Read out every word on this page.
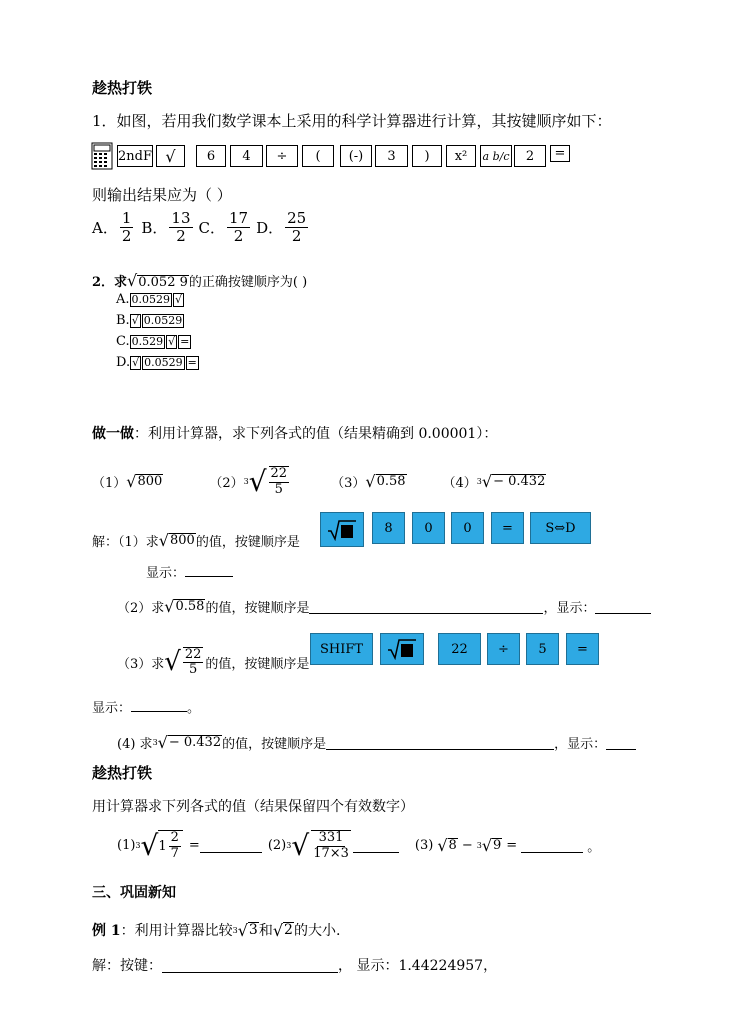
趁热打铁
1．如图，若用我们数学课本上采用的科学计算器进行计算，其按键顺序如下：
2ndF √	6	4	÷	(	(-)	3	)	x²	a b/c	2	=
则输出结果应为（ ）
A． $\frac{1}{2}$ B． $\frac{13}{2}$ C． $\frac{17}{2}$ D． $\frac{25}{2}$
2．求√0.052 9的正确按键顺序为( )
A. 0.0529 √
B. √ 0.0529
C. 0.529 √ =
D. √ 0.0529 =
做一做：利用计算器，求下列各式的值（结果精确到 0.00001）：
（1） √ 800	（2） 3 √ $\frac{22}{5}$	（3） √ 0.58	（4） 3 √ − 0.432
解：（1）求 √ 800 的值，按键顺序是
8	0	0	=	S⇔D
显示：
（2）求 √ 0.58 的值，按键顺序是	，显示：
（3）求 √ $\frac{22}{5}$ 的值，按键顺序是
SHIFT	22	÷	5	=
显示：	。
(4) 求 3 √ − 0.432 的值，按键顺序是	，显示：
趁热打铁
用计算器求下列各式的值（结果保留四个有效数字）
(1) 3 √ $1 \frac{2}{7}$ =	(2) 3 √ $\frac{331}{17\times 3}$	(3) √ 8 − 3 √ 9 =	。
三、巩固新知
例 1 ：利用计算器比较 3 √ 3 和 √ 2 的大小.
解：按键：	， 显示： 1.44224957，
